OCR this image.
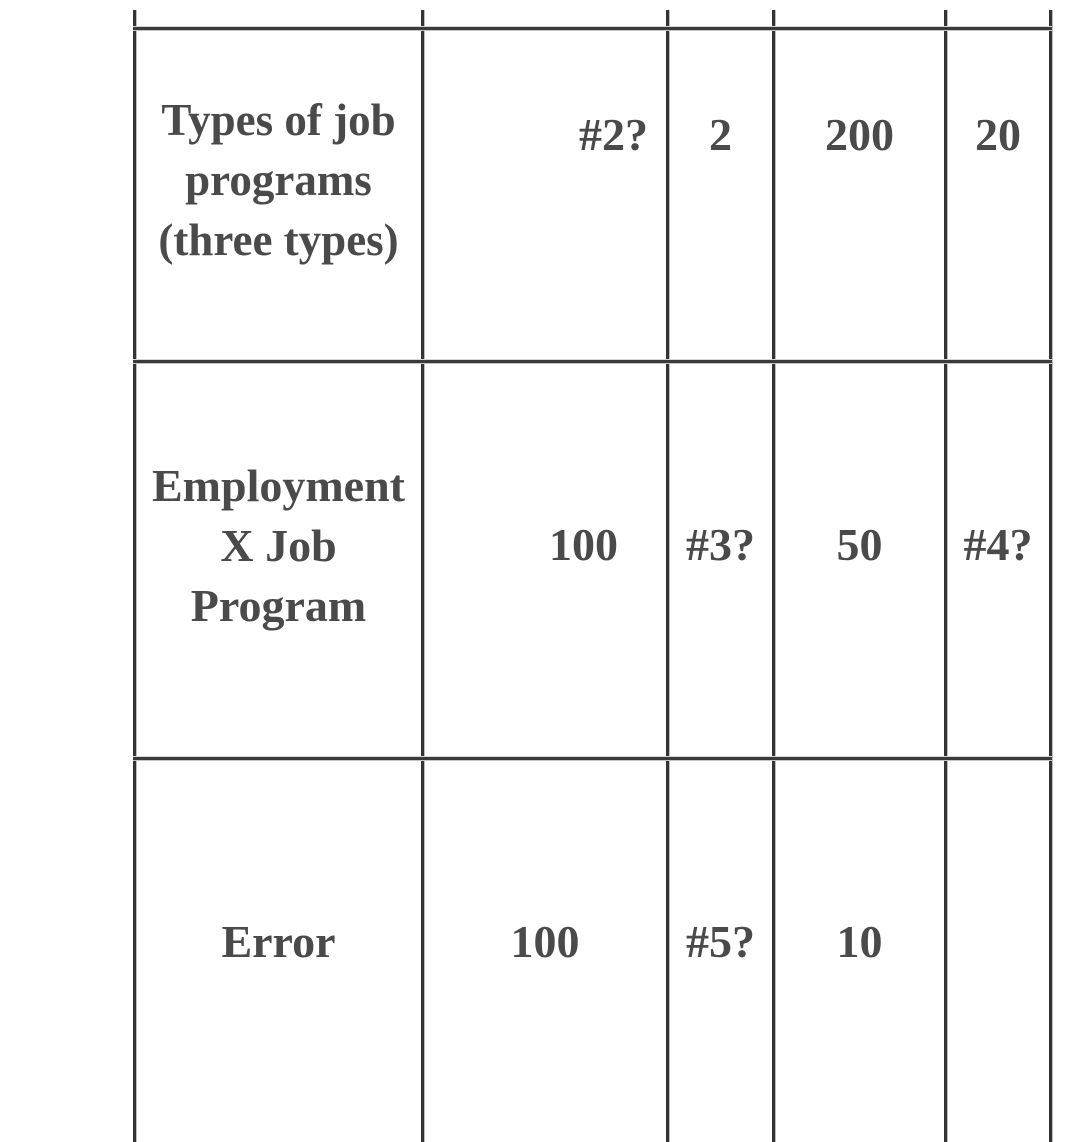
Types of job programs (three types)
#2? 2 200 20
Employment X Job Program
100 #3? 50 #4?
Error	100 #5? 10
